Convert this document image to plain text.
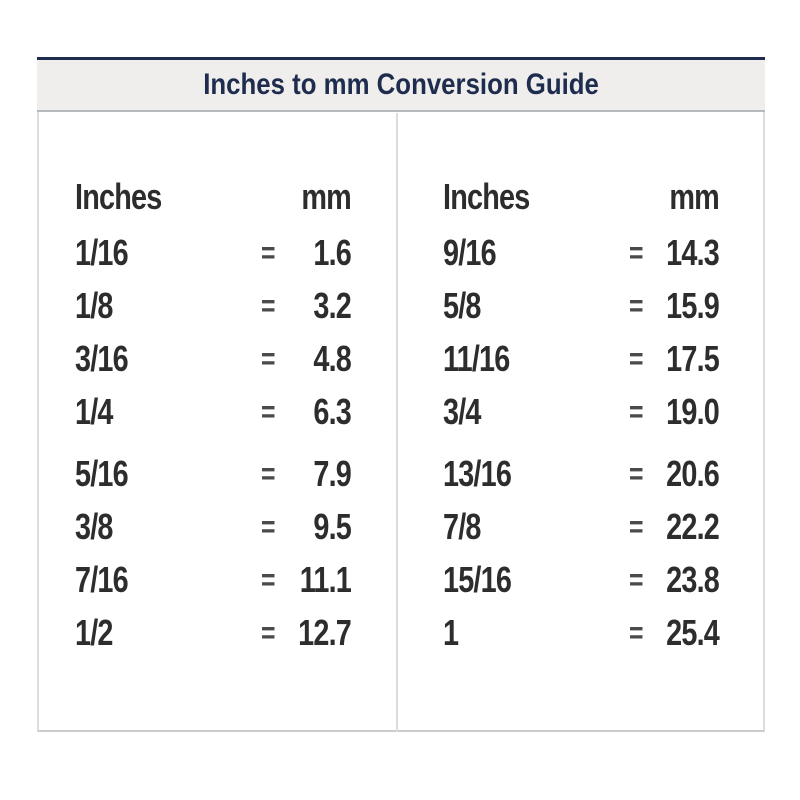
Inches to mm Conversion Guide
Inches	mm
1/16	=	1.6
1/8	=	3.2
3/16	=	4.8
1/4	=	6.3
5/16	=	7.9
3/8	=	9.5
7/16	= 11.1
1/2	= 12.7
Inches	mm
9/16	= 14.3
5/8	= 15.9
11/16	= 17.5
3/4	= 19.0
13/16	= 20.6
7/8	= 22.2
15/16	= 23.8
1	= 25.4
